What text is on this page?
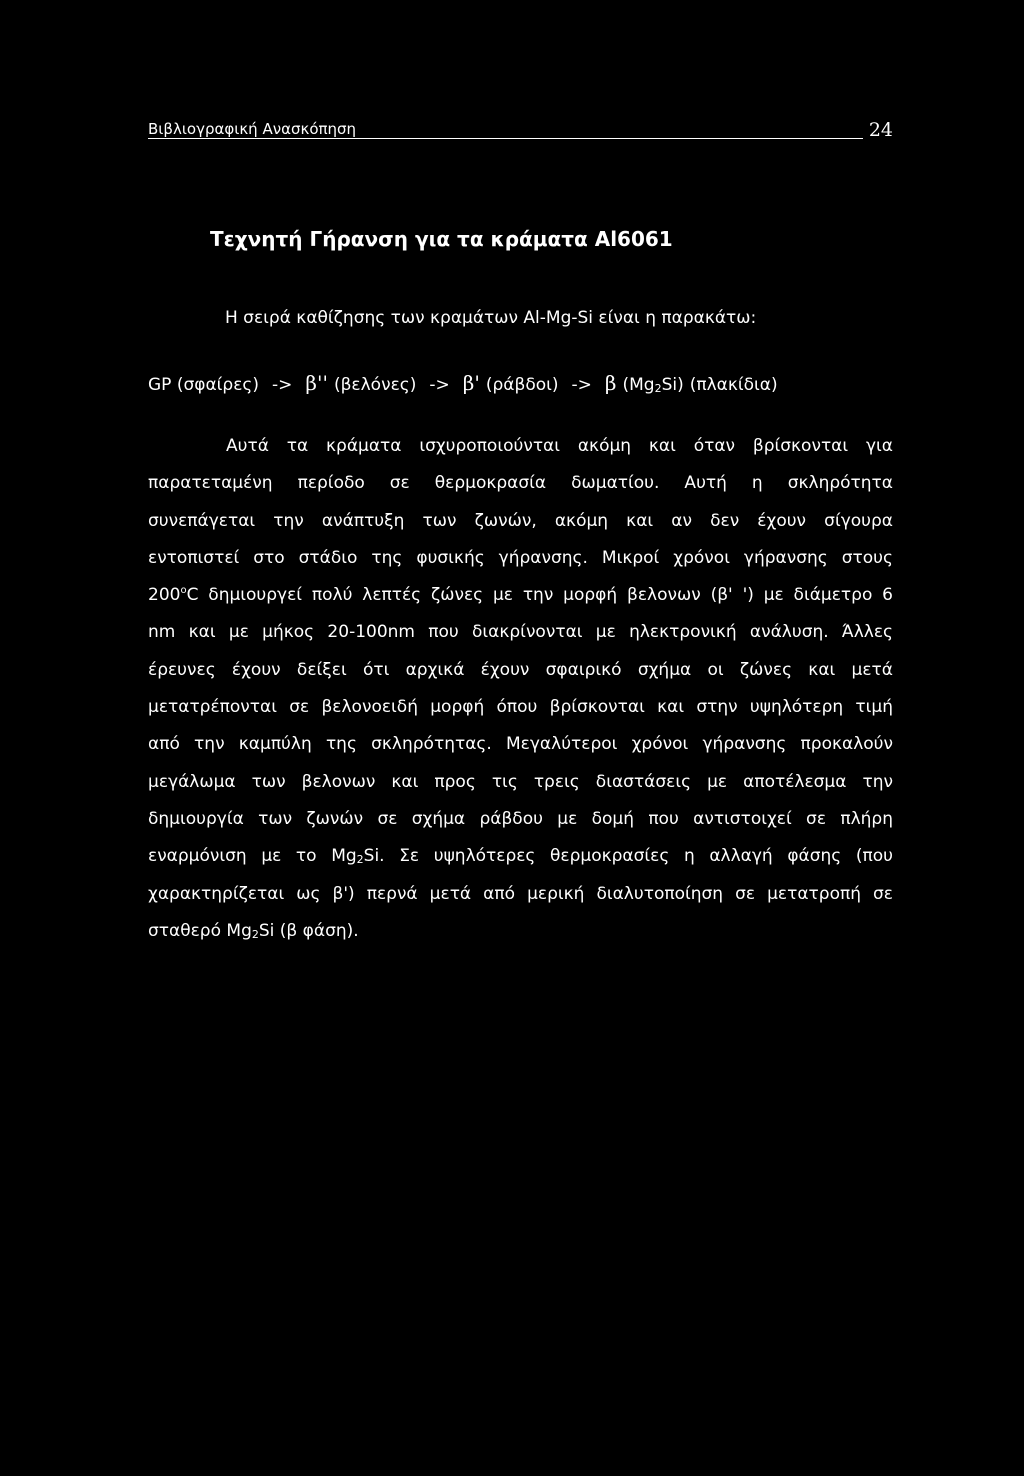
Βιβλιογραφική Ανασκόπηση	24
Τεχνητή Γήρανση για τα κράματα Al6061
Η σειρά καθίζησης των κραμάτων Al-Mg-Si είναι η παρακάτω:
GP (σφαίρες) -> β'' (βελόνες) -> β' (ράβδοι) -> β $(Mg_2Si)$ (πλακίδια)
Αυτά τα κράματα ισχυροποιούνται ακόμη και όταν βρίσκονται για
παρατεταμένη περίοδο σε θερμοκρασία δωματίου. Αυτή η σκληρότητα
συνεπάγεται την ανάπτυξη των ζωνών, ακόμη και αν δεν έχουν σίγουρα
εντοπιστεί στο στάδιο της φυσικής γήρανσης. Μικροί χρόνοι γήρανσης στους
200$^o$C δημιουργεί πολύ λεπτές ζώνες με την μορφή βελονων (β' ') με διάμετρο 6
nm και με μήκος 20-100nm που διακρίνονται με ηλεκτρονική ανάλυση. Άλλες
έρευνες έχουν δείξει ότι αρχικά έχουν σφαιρικό σχήμα οι ζώνες και μετά
μετατρέπονται σε βελονοειδή μορφή όπου βρίσκονται και στην υψηλότερη τιμή
από την καμπύλη της σκληρότητας. Μεγαλύτεροι χρόνοι γήρανσης προκαλούν
μεγάλωμα των βελονων και προς τις τρεις διαστάσεις με αποτέλεσμα την
δημιουργία των ζωνών σε σχήμα ράβδου με δομή που αντιστοιχεί σε πλήρη
εναρμόνιση με το $Mg_2Si$. Σε υψηλότερες θερμοκρασίες η αλλαγή φάσης (που
χαρακτηρίζεται ως β') περνά μετά από μερική διαλυτοποίηση σε μετατροπή σε
σταθερό $Mg_2Si$ (β φάση).
